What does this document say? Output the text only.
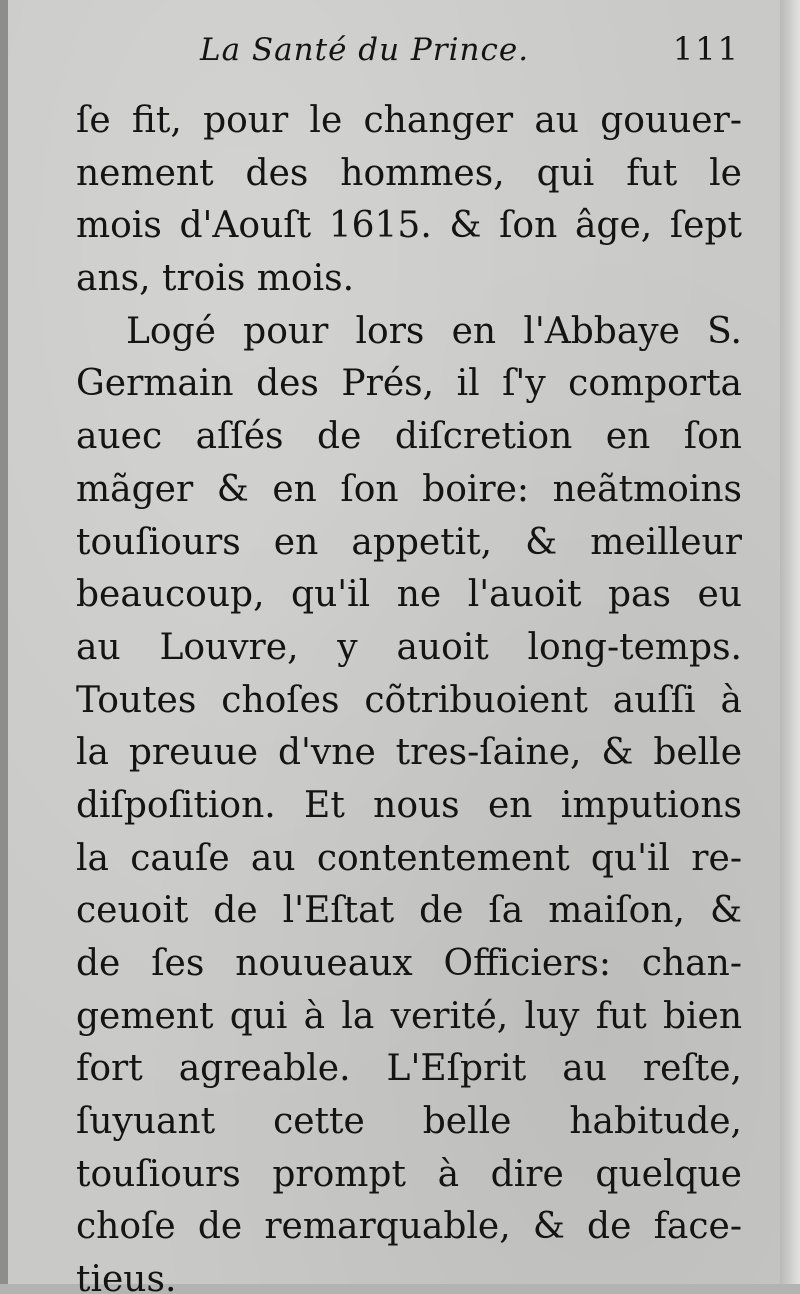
La Santé du Prince.	111
ſe fit, pour le changer au gouuer-
nement des hommes, qui fut le
mois d'Aouſt 1615. & ſon âge, ſept
ans, trois mois.
Logé pour lors en l'Abbaye S.
Germain des Prés, il ſ'y comporta
auec aſſés de diſcretion en ſon
mãger & en ſon boire: neãtmoins
touſiours en appetit, & meilleur
beaucoup, qu'il ne l'auoit pas eu
au Louvre, y auoit long-temps.
Toutes choſes cõtribuoient auſſi à
la preuue d'vne tres-ſaine, & belle
diſpoſition. Et nous en imputions
la cauſe au contentement qu'il re-
ceuoit de l'Eſtat de ſa maiſon, &
de ſes nouueaux Officiers: chan-
gement qui à la verité, luy fut bien
fort agreable. L'Eſprit au reſte,
ſuyuant cette belle habitude,
touſiours prompt à dire quelque
choſe de remarquable, & de face-
tieus.
